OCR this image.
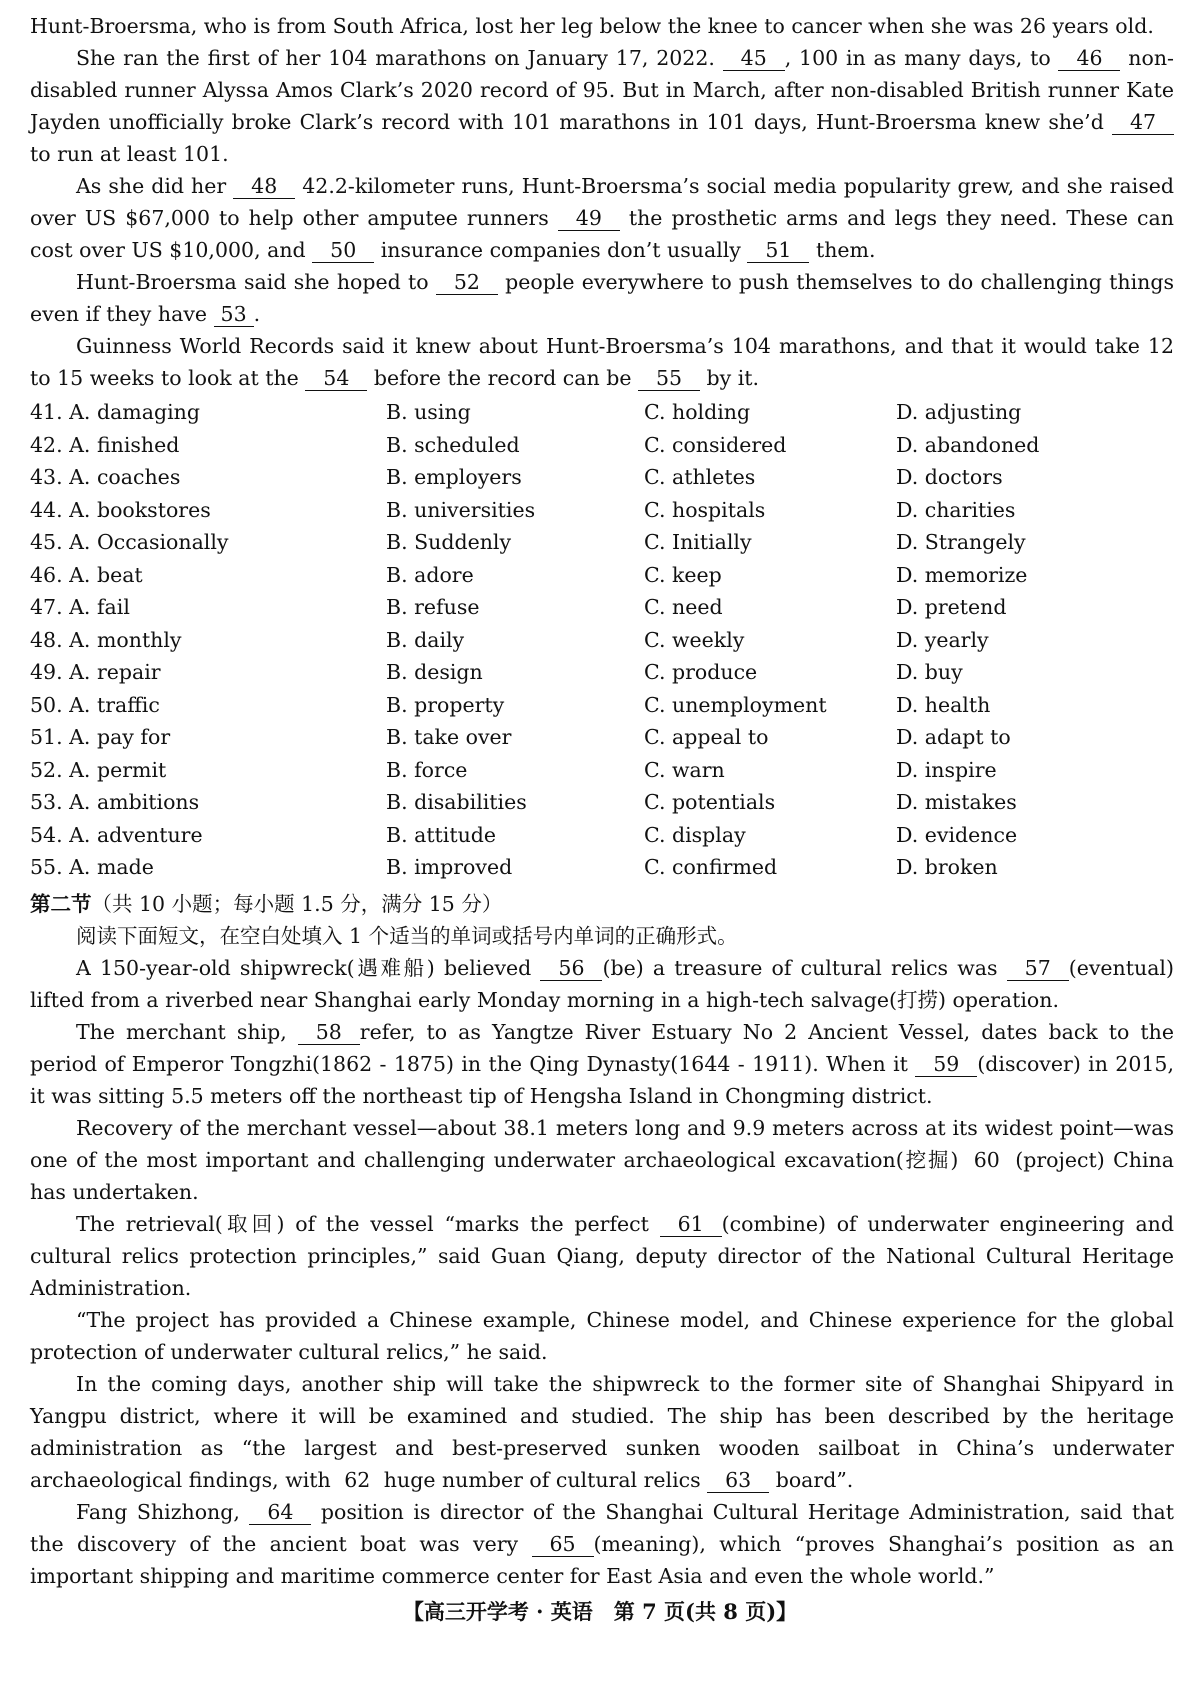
Hunt-Broersma, who is from South Africa, lost her leg below the knee to cancer when she was 26 years old.

She ran the first of her 104 marathons on January 17, 2022. 45 , 100 in as many days, to 46 non-disabled runner Alyssa Amos Clark’s 2020 record of 95. But in March, after non-disabled British runner Kate Jayden unofficially broke Clark’s record with 101 marathons in 101 days, Hunt-Broersma knew she’d 47 to run at least 101.

As she did her 48 42.2-kilometer runs, Hunt-Broersma’s social media popularity grew, and she raised over US $67,000 to help other amputee runners 49 the prosthetic arms and legs they need. These can cost over US $10,000, and 50 insurance companies don’t usually 51 them.

Hunt-Broersma said she hoped to 52 people everywhere to push themselves to do challenging things even if they have 53 .

Guinness World Records said it knew about Hunt-Broersma’s 104 marathons, and that it would take 12 to 15 weeks to look at the 54 before the record can be 55 by it.

41. A. damaging	B. using	C. holding	D. adjusting
42. A. finished	B. scheduled	C. considered	D. abandoned
43. A. coaches	B. employers	C. athletes	D. doctors
44. A. bookstores	B. universities	C. hospitals	D. charities
45. A. Occasionally	B. Suddenly	C. Initially	D. Strangely
46. A. beat	B. adore	C. keep	D. memorize
47. A. fail	B. refuse	C. need	D. pretend
48. A. monthly	B. daily	C. weekly	D. yearly
49. A. repair	B. design	C. produce	D. buy
50. A. traffic	B. property	C. unemployment	D. health
51. A. pay for	B. take over	C. appeal to	D. adapt to
52. A. permit	B. force	C. warn	D. inspire
53. A. ambitions	B. disabilities	C. potentials	D. mistakes
54. A. adventure	B. attitude	C. display	D. evidence
55. A. made	B. improved	C. confirmed	D. broken

第二节（共 10 小题；每小题 1.5 分，满分 15 分）

阅读下面短文，在空白处填入 1 个适当的单词或括号内单词的正确形式。

A 150-year-old shipwreck(遇难船) believed 56 (be) a treasure of cultural relics was 57 (eventual) lifted from a riverbed near Shanghai early Monday morning in a high-tech salvage(打捞) operation.

The merchant ship, 58 refer, to as Yangtze River Estuary No 2 Ancient Vessel, dates back to the period of Emperor Tongzhi(1862 - 1875) in the Qing Dynasty(1644 - 1911). When it 59 (discover) in 2015, it was sitting 5.5 meters off the northeast tip of Hengsha Island in Chongming district.

Recovery of the merchant vessel—about 38.1 meters long and 9.9 meters across at its widest point—was one of the most important and challenging underwater archaeological excavation(挖掘) 60 (project) China has undertaken.

The retrieval(取回) of the vessel “marks the perfect 61 (combine) of underwater engineering and cultural relics protection principles,” said Guan Qiang, deputy director of the National Cultural Heritage Administration.

“The project has provided a Chinese example, Chinese model, and Chinese experience for the global protection of underwater cultural relics,” he said.

In the coming days, another ship will take the shipwreck to the former site of Shanghai Shipyard in Yangpu district, where it will be examined and studied. The ship has been described by the heritage administration as “the largest and best-preserved sunken wooden sailboat in China’s underwater archaeological findings, with 62 huge number of cultural relics 63 board”.

Fang Shizhong, 64 position is director of the Shanghai Cultural Heritage Administration, said that the discovery of the ancient boat was very 65 (meaning), which “proves Shanghai’s position as an important shipping and maritime commerce center for East Asia and even the whole world.”

【高三开学考 · 英语　第 7 页(共 8 页)】
